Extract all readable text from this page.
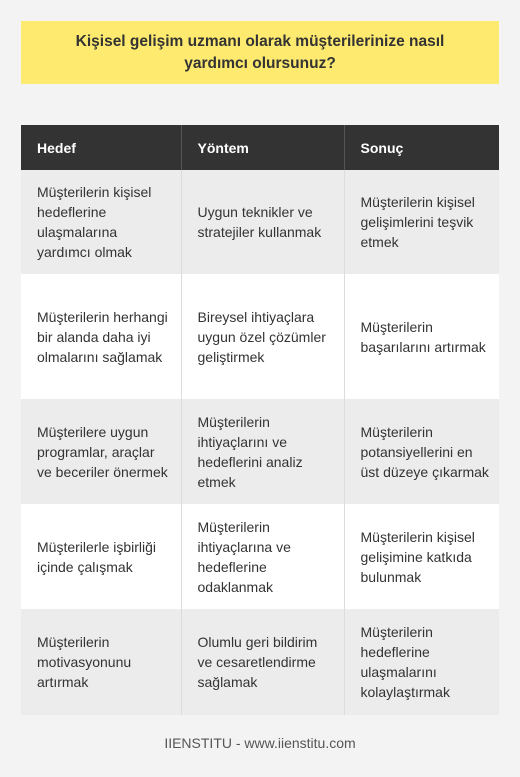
Kişisel gelişim uzmanı olarak müşterilerinize nasıl yardımcı olursunuz?
Hedef	Yöntem	Sonuç
Müşterilerin kişisel hedeflerine ulaşmalarına yardımcı olmak	Uygun teknikler ve stratejiler kullanmak	Müşterilerin kişisel gelişimlerini teşvik etmek
Müşterilerin herhangi bir alanda daha iyi olmalarını sağlamak	Bireysel ihtiyaçlara uygun özel çözümler geliştirmek	Müşterilerin başarılarını artırmak
Müşterilere uygun programlar, araçlar ve beceriler önermek	Müşterilerin ihtiyaçlarını ve hedeflerini analiz etmek	Müşterilerin potansiyellerini en üst düzeye çıkarmak
Müşterilerle işbirliği içinde çalışmak	Müşterilerin ihtiyaçlarına ve hedeflerine odaklanmak	Müşterilerin kişisel gelişimine katkıda bulunmak
Müşterilerin motivasyonunu artırmak	Olumlu geri bildirim ve cesaretlendirme sağlamak	Müşterilerin hedeflerine ulaşmalarını kolaylaştırmak
IIENSTITU - www.iienstitu.com
